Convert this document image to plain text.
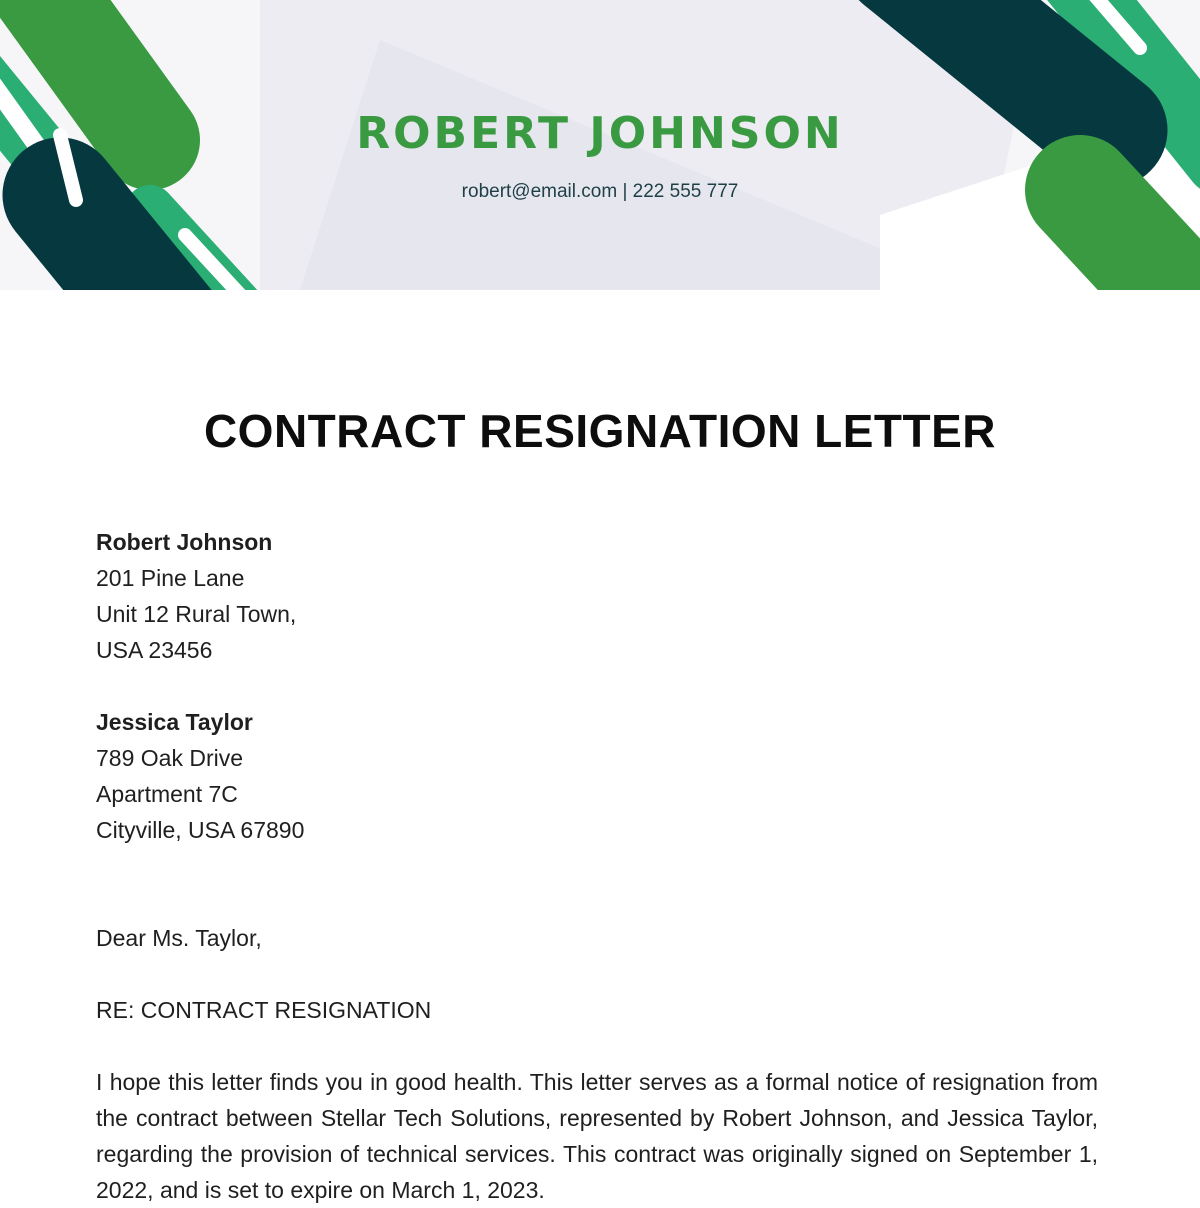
ROBERT JOHNSON

robert@email.com | 222 555 777

CONTRACT RESIGNATION LETTER
Robert Johnson
201 Pine Lane
Unit 12 Rural Town,
USA 23456
Jessica Taylor
789 Oak Drive
Apartment 7C
Cityville, USA 67890

Dear Ms. Taylor,

RE: CONTRACT RESIGNATION

I hope this letter finds you in good health. This letter serves as a formal notice of resignation from the contract between Stellar Tech Solutions, represented by Robert Johnson, and Jessica Taylor, regarding the provision of technical services. This contract was originally signed on September 1, 2022, and is set to expire on March 1, 2023.
